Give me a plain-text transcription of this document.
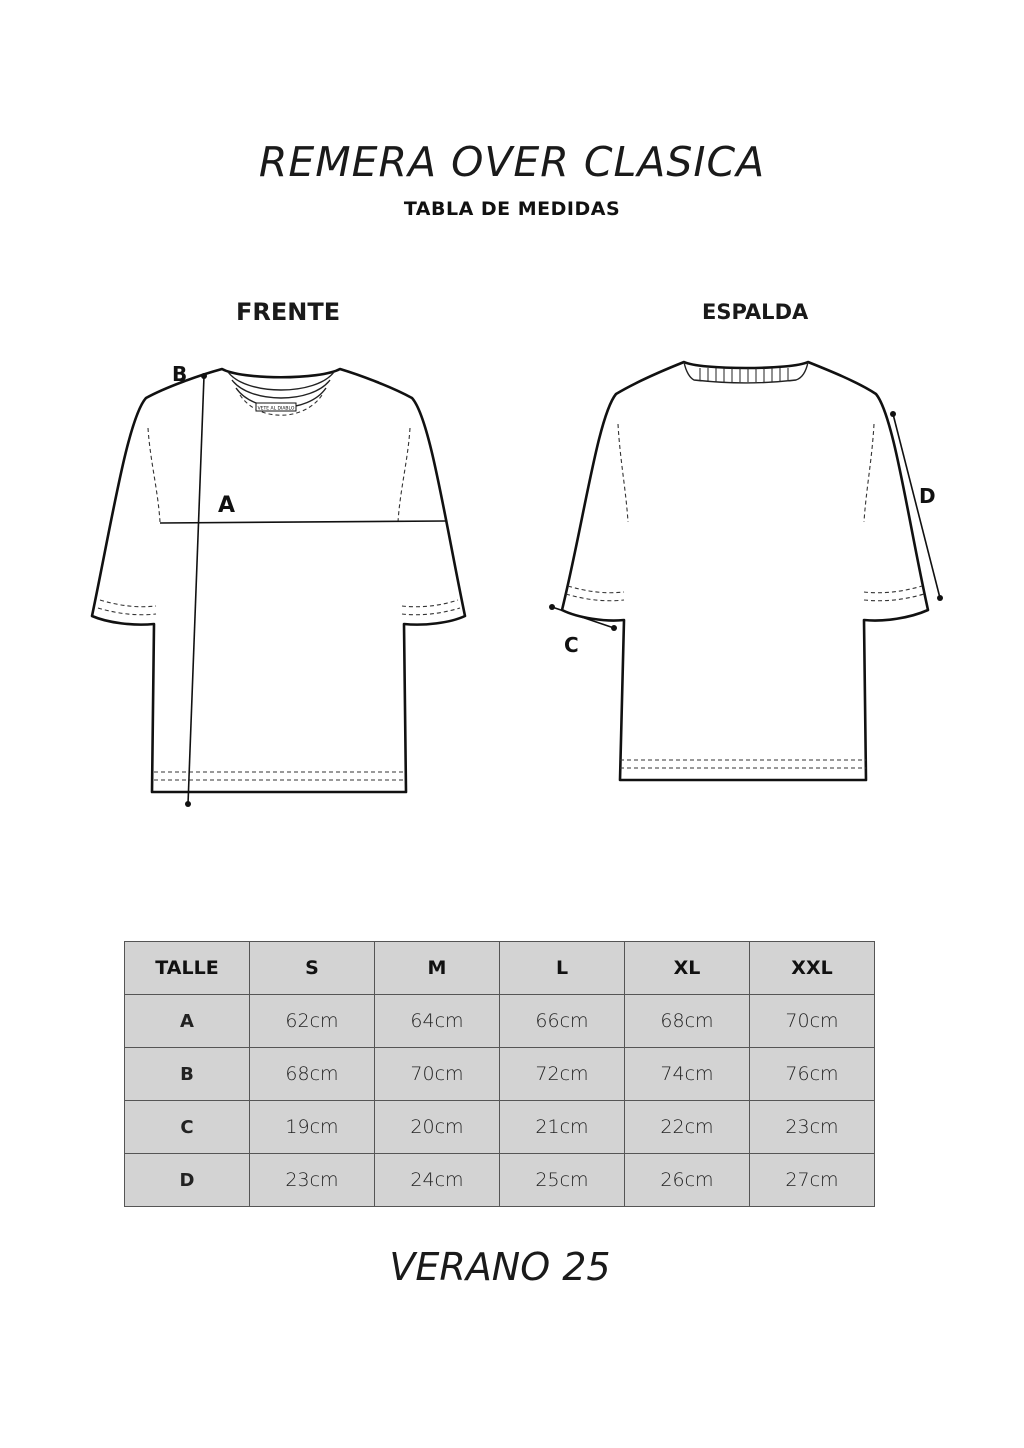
REMERA OVER CLASICA
TABLA DE MEDIDAS
FRENTE	ESPALDA
VETE AL DIABLO
B
A	D
C
TALLE	S	M	L	XL	XXL
A	62cm	64cm	66cm	68cm	70cm
B	68cm	70cm	72cm	74cm	76cm
C	19cm	20cm	21cm	22cm	23cm
D	23cm	24cm	25cm	26cm	27cm
VERANO 25
